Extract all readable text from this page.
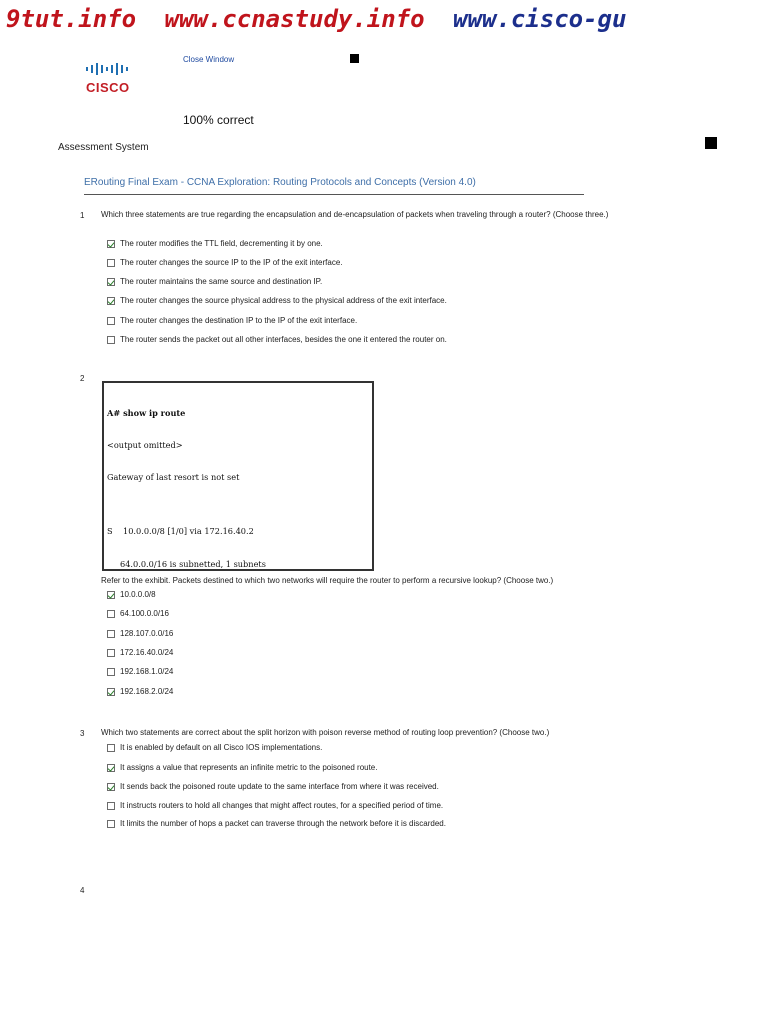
9tut.info www.ccnastudy.info www.cisco-gu
CISCO
Close Window
100% correct
Assessment System
ERouting Final Exam - CCNA Exploration: Routing Protocols and Concepts (Version 4.0)
1 Which three statements are true regarding the encapsulation and de-encapsulation of packets when traveling through a router? (Choose three.)
The router modifies the TTL field, decrementing it by one.
The router changes the source IP to the IP of the exit interface.
The router maintains the same source and destination IP.
The router changes the source physical address to the physical address of the exit interface.
The router changes the destination IP to the IP of the exit interface.
The router sends the packet out all other interfaces, besides the one it entered the router on.
2

A# show ip route

<output omitted>

Gateway of last resort is not set

S    10.0.0.0/8 [1/0] via 172.16.40.2

64.0.0.0/16 is subnetted, 1 subnets

Refer to the exhibit. Packets destined to which two networks will require the router to perform a recursive lookup? (Choose two.)
10.0.0.0/8
64.100.0.0/16
128.107.0.0/16
172.16.40.0/24
192.168.1.0/24
192.168.2.0/24
3 Which two statements are correct about the split horizon with poison reverse method of routing loop prevention? (Choose two.)
It is enabled by default on all Cisco IOS implementations.
It assigns a value that represents an infinite metric to the poisoned route.
It sends back the poisoned route update to the same interface from where it was received.
It instructs routers to hold all changes that might affect routes, for a specified period of time.
It limits the number of hops a packet can traverse through the network before it is discarded.
4
